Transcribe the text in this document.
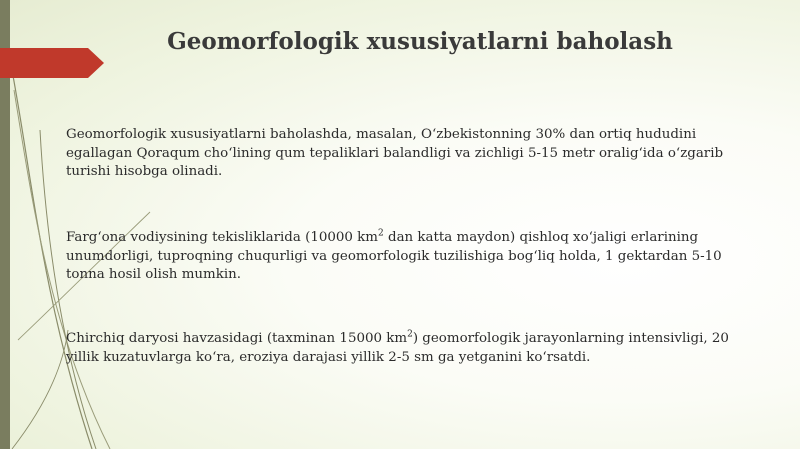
Geomorfologik xususiyatlarni baholash

Geomorfologik xususiyatlarni baholashda, masalan, O‘zbekistonning 30% dan ortiq hududini egallagan Qoraqum cho‘lining qum tepaliklari balandligi va zichligi 5-15 metr oralig‘ida o‘zgarib turishi hisobga olinadi.

Farg‘ona vodiysining tekisliklarida (10000 $km^2$ dan katta maydon) qishloq xo‘jaligi erlarining unumdorligi, tuproqning chuqurligi va geomorfologik tuzilishiga bog‘liq holda, 1 gektardan 5-10 tonna hosil olish mumkin.

Chirchiq daryosi havzasidagi (taxminan 15000 $km^2$) geomorfologik jarayonlarning intensivligi, 20 yillik kuzatuvlarga ko‘ra, eroziya darajasi yillik 2-5 sm ga yetganini ko‘rsatdi.
